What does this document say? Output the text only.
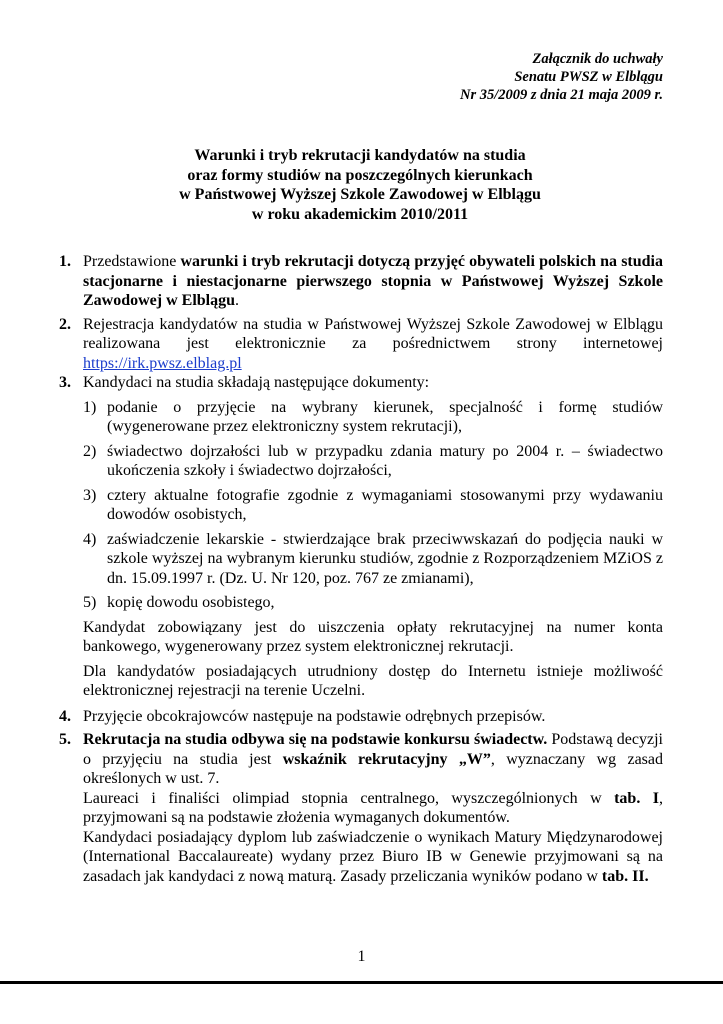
Załącznik do uchwały
Senatu PWSZ w Elblągu
Nr 35/2009 z dnia 21 maja 2009 r.
Warunki i tryb rekrutacji kandydatów na studia
oraz formy studiów na poszczególnych kierunkach
w Państwowej Wyższej Szkole Zawodowej w Elblągu
w roku akademickim 2010/2011
1. Przedstawione warunki i tryb rekrutacji dotyczą przyjęć obywateli polskich na studia stacjonarne i niestacjonarne pierwszego stopnia w Państwowej Wyższej Szkole Zawodowej w Elblągu.
2. Rejestracja kandydatów na studia w Państwowej Wyższej Szkole Zawodowej w Elblągu realizowana jest elektronicznie za pośrednictwem strony internetowej https://irk.pwsz.elblag.pl
3. Kandydaci na studia składają następujące dokumenty:
1) podanie o przyjęcie na wybrany kierunek, specjalność i formę studiów (wygenerowane przez elektroniczny system rekrutacji),
2) świadectwo dojrzałości lub w przypadku zdania matury po 2004 r. – świadectwo ukończenia szkoły i świadectwo dojrzałości,
3) cztery aktualne fotografie zgodnie z wymaganiami stosowanymi przy wydawaniu dowodów osobistych,
4) zaświadczenie lekarskie - stwierdzające brak przeciwwskazań do podjęcia nauki w szkole wyższej na wybranym kierunku studiów, zgodnie z Rozporządzeniem MZiOS z dn. 15.09.1997 r. (Dz. U. Nr 120, poz. 767 ze zmianami),
5) kopię dowodu osobistego,
Kandydat zobowiązany jest do uiszczenia opłaty rekrutacyjnej na numer konta bankowego, wygenerowany przez system elektronicznej rekrutacji.
Dla kandydatów posiadających utrudniony dostęp do Internetu istnieje możliwość elektronicznej rejestracji na terenie Uczelni.
4. Przyjęcie obcokrajowców następuje na podstawie odrębnych przepisów.
5. Rekrutacja na studia odbywa się na podstawie konkursu świadectw. Podstawą decyzji o przyjęciu na studia jest wskaźnik rekrutacyjny „W”, wyznaczany wg zasad określonych w ust. 7.
Laureaci i finaliści olimpiad stopnia centralnego, wyszczególnionych w tab. I, przyjmowani są na podstawie złożenia wymaganych dokumentów.
Kandydaci posiadający dyplom lub zaświadczenie o wynikach Matury Międzynarodowej (International Baccalaureate) wydany przez Biuro IB w Genewie przyjmowani są na zasadach jak kandydaci z nową maturą. Zasady przeliczania wyników podano w tab. II.
1
